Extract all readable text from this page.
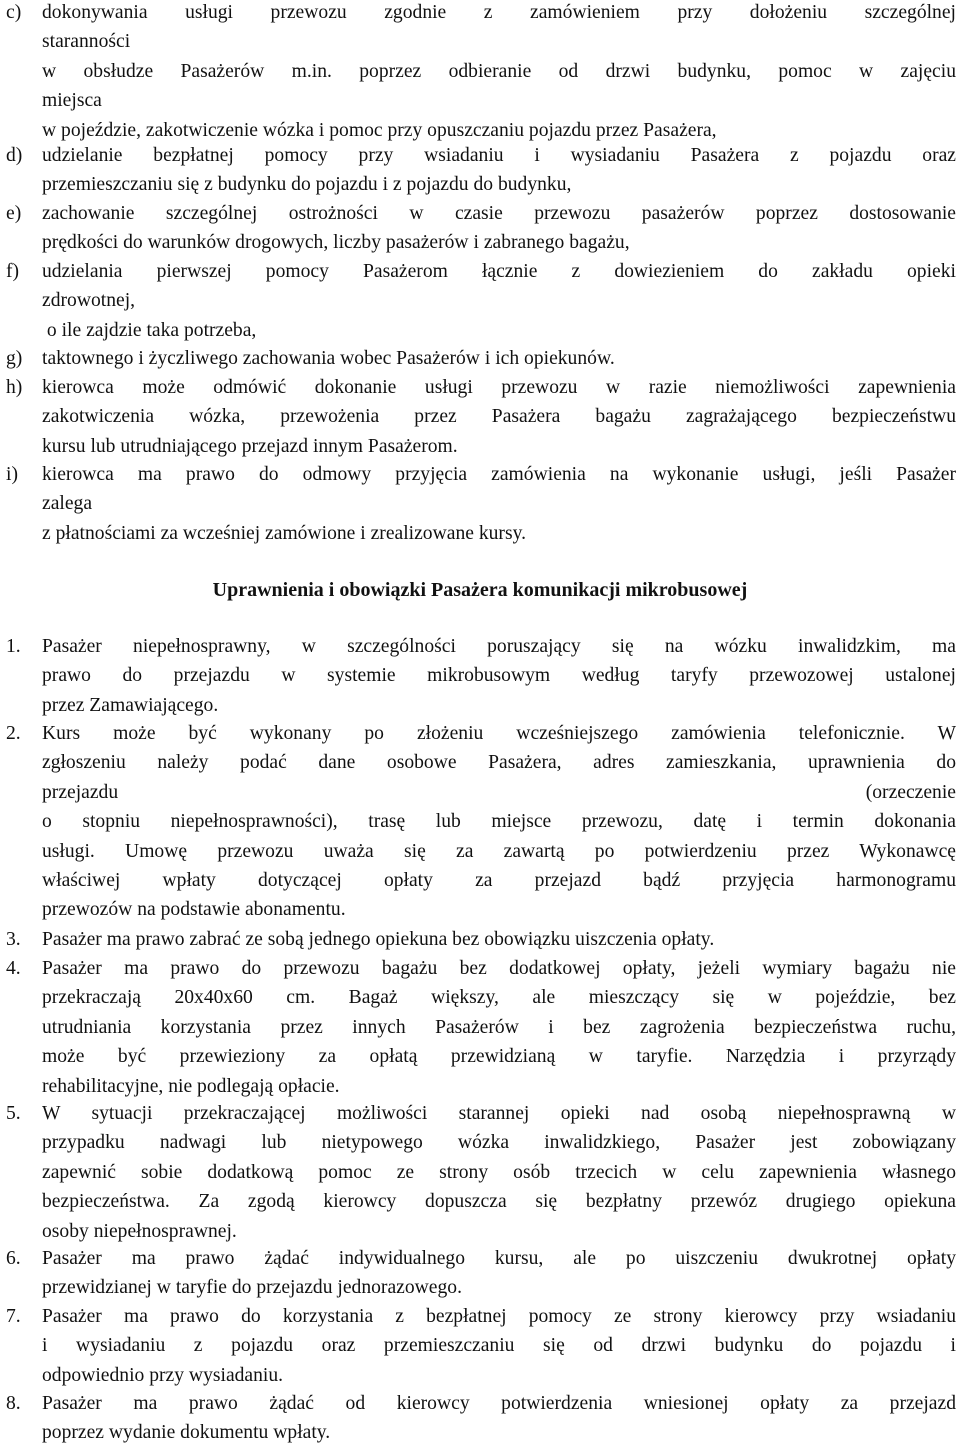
c)	dokonywania usługi przewozu zgodnie z zamówieniem przy dołożeniu szczególnej
staranności
w obsłudze Pasażerów m.in. poprzez odbieranie od drzwi budynku, pomoc w zajęciu
miejsca
w pojeździe, zakotwiczenie wózka i pomoc przy opuszczaniu pojazdu przez Pasażera,
d)	udzielanie bezpłatnej pomocy przy wsiadaniu i wysiadaniu Pasażera z pojazdu oraz
przemieszczaniu się z budynku do pojazdu i z pojazdu do budynku,
e)	zachowanie szczególnej ostrożności w czasie przewozu pasażerów poprzez dostosowanie
prędkości do warunków drogowych, liczby pasażerów i zabranego bagażu,
f)	udzielania pierwszej pomocy Pasażerom łącznie z dowiezieniem do zakładu opieki
zdrowotnej,
o ile zajdzie taka potrzeba,
g)	taktownego i życzliwego zachowania wobec Pasażerów i ich opiekunów.
h)	kierowca może odmówić dokonanie usługi przewozu w razie niemożliwości zapewnienia
zakotwiczenia wózka, przewożenia przez Pasażera bagażu zagrażającego bezpieczeństwu
kursu lub utrudniającego przejazd innym Pasażerom.
i)	kierowca ma prawo do odmowy przyjęcia zamówienia na wykonanie usługi, jeśli Pasażer
zalega
z płatnościami za wcześniej zamówione i zrealizowane kursy.
Uprawnienia i obowiązki Pasażera komunikacji mikrobusowej
1.	Pasażer niepełnosprawny, w szczególności poruszający się na wózku inwalidzkim, ma
prawo do przejazdu w systemie mikrobusowym według taryfy przewozowej ustalonej
przez Zamawiającego.
2.	Kurs może być wykonany po złożeniu wcześniejszego zamówienia telefonicznie. W
zgłoszeniu należy podać dane osobowe Pasażera, adres zamieszkania, uprawnienia do
przejazdu (orzeczenie
o stopniu niepełnosprawności), trasę lub miejsce przewozu, datę i termin dokonania
usługi. Umowę przewozu uważa się za zawartą po potwierdzeniu przez Wykonawcę
właściwej wpłaty dotyczącej opłaty za przejazd bądź przyjęcia harmonogramu
przewozów na podstawie abonamentu.
3.	Pasażer ma prawo zabrać ze sobą jednego opiekuna bez obowiązku uiszczenia opłaty.
4.	Pasażer ma prawo do przewozu bagażu bez dodatkowej opłaty, jeżeli wymiary bagażu nie
przekraczają 20x40x60 cm. Bagaż większy, ale mieszczący się w pojeździe, bez
utrudniania korzystania przez innych Pasażerów i bez zagrożenia bezpieczeństwa ruchu,
może być przewieziony za opłatą przewidzianą w taryfie. Narzędzia i przyrządy
rehabilitacyjne, nie podlegają opłacie.
5.	W sytuacji przekraczającej możliwości starannej opieki nad osobą niepełnosprawną w
przypadku nadwagi lub nietypowego wózka inwalidzkiego, Pasażer jest zobowiązany
zapewnić sobie dodatkową pomoc ze strony osób trzecich w celu zapewnienia własnego
bezpieczeństwa. Za zgodą kierowcy dopuszcza się bezpłatny przewóz drugiego opiekuna
osoby niepełnosprawnej.
6.	Pasażer ma prawo żądać indywidualnego kursu, ale po uiszczeniu dwukrotnej opłaty
przewidzianej w taryfie do przejazdu jednorazowego.
7.	Pasażer ma prawo do korzystania z bezpłatnej pomocy ze strony kierowcy przy wsiadaniu
i wysiadaniu z pojazdu oraz przemieszczaniu się od drzwi budynku do pojazdu i
odpowiednio przy wysiadaniu.
8.	Pasażer ma prawo żądać od kierowcy potwierdzenia wniesionej opłaty za przejazd
poprzez wydanie dokumentu wpłaty.
